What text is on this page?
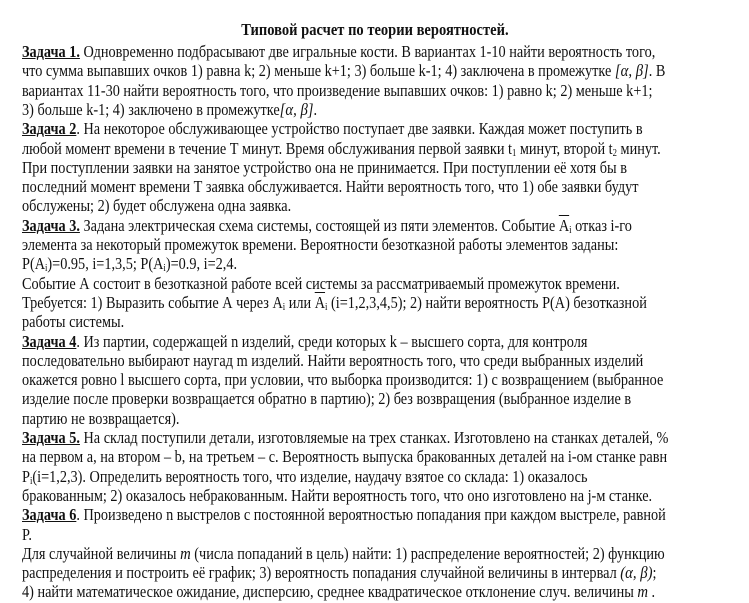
Типовой расчет по теории вероятностей.
Задача 1. Одновременно подбрасывают две игральные кости. В вариантах 1-10 найти вероятность того,
что сумма выпавших очков 1) равна k; 2) меньше k+1; 3) больше k-1; 4) заключена в промежутке [α, β]. В
вариантах 11-30 найти вероятность того, что произведение выпавших очков: 1) равно k; 2) меньше k+1;
3) больше k-1; 4) заключено в промежутке[α, β].
Задача 2. На некоторое обслуживающее устройство поступает две заявки. Каждая может поступить в
любой момент времени в течение Т минут. Время обслуживания первой заявки $t_1$ минут, второй $t_2$ минут.
При поступлении заявки на занятое устройство она не принимается. При поступлении её хотя бы в
последний момент времени Т заявка обслуживается. Найти вероятность того, что 1) обе заявки будут
обслужены; 2) будет обслужена одна заявка.
Задача 3. Задана электрическая схема системы, состоящей из пяти элементов. Событие $\overline{A}_i$ отказ i-го
элемента за некоторый промежуток времени. Вероятности безотказной работы элементов заданы:
$P(A_i)=0.95$, i=1,3,5; $P(A_i)=0.9$, i=2,4.
Событие А состоит в безотказной работе всей системы за рассматриваемый промежуток времени.
Требуется: 1) Выразить событие А через $A_i$ или $\overline{A}_i$ (i=1,2,3,4,5); 2) найти вероятность P(A) безотказной
работы системы.
Задача 4. Из партии, содержащей n изделий, среди которых k – высшего сорта, для контроля
последовательно выбирают наугад m изделий. Найти вероятность того, что среди выбранных изделий
окажется ровно l высшего сорта, при условии, что выборка производится: 1) с возвращением (выбранное
изделие после проверки возвращается обратно в партию); 2) без возвращения (выбранное изделие в
партию не возвращается).
Задача 5. На склад поступили детали, изготовляемые на трех станках. Изготовлено на станках деталей, %
на первом a, на втором – b, на третьем – c. Вероятность выпуска бракованных деталей на i-ом станке равн
$P_i(i=1,2,3)$. Определить вероятность того, что изделие, наудачу взятое со склада: 1) оказалось
бракованным; 2) оказалось небракованным. Найти вероятность того, что оно изготовлено на j-м станке.
Задача 6. Произведено n выстрелов с постоянной вероятностью попадания при каждом выстреле, равной
P.
Для случайной величины m (числа попаданий в цель) найти: 1) распределение вероятностей; 2) функцию
распределения и построить её график; 3) вероятность попадания случайной величины в интервал (α, β);
4) найти математическое ожидание, дисперсию, среднее квадратическое отклонение случ. величины m .
